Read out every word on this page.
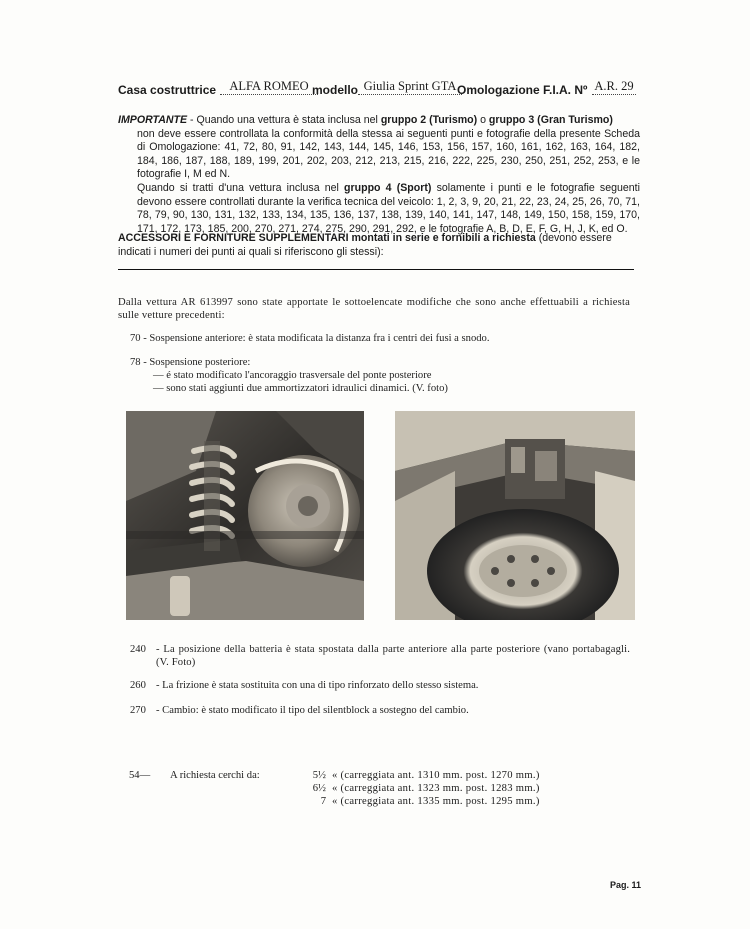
Casa costruttrice	ALFA ROMEO modello Giulia Sprint GTA Omologazione F.I.A. Nº A.R. 29
IMPORTANTE - Quando una vettura è stata inclusa nel gruppo 2 (Turismo) o gruppo 3 (Gran Turismo)
non deve essere controllata la conformità della stessa ai seguenti punti e fotografie della presente Scheda di Omologazione: 41, 72, 80, 91, 142, 143, 144, 145, 146, 153, 156, 157, 160, 161, 162, 163, 164, 182, 184, 186, 187, 188, 189, 199, 201, 202, 203, 212, 213, 215, 216, 222, 225, 230, 250, 251, 252, 253, e le fotografie I, M ed N.
Quando si tratti d'una vettura inclusa nel gruppo 4 (Sport) solamente i punti e le fotografie seguenti devono essere controllati durante la verifica tecnica del veicolo: 1, 2, 3, 9, 20, 21, 22, 23, 24, 25, 26, 70, 71, 78, 79, 90, 130, 131, 132, 133, 134, 135, 136, 137, 138, 139, 140, 141, 147, 148, 149, 150, 158, 159, 170, 171, 172, 173, 185, 200, 270, 271, 274, 275, 290, 291, 292, e le fotografie A, B, D, E, F, G, H, J, K, ed O.
ACCESSORI E FORNITURE SUPPLEMENTARI montati in serie e fornibili a richiesta (devono essere indicati i numeri dei punti ai quali si riferiscono gli stessi):
Dalla vettura AR 613997 sono state apportate le sottoelencate modifiche che sono anche effettuabili a richiesta sulle vetture precedenti:
70 - Sospensione anteriore: è stata modificata la distanza fra i centri dei fusi a snodo.
78 - Sospensione posteriore:
— é stato modificato l'ancoraggio trasversale del ponte posteriore
— sono stati aggiunti due ammortizzatori idraulici dinamici. (V. foto)
240 - La posizione della batteria è stata spostata dalla parte anteriore alla parte posteriore (vano portabagagli. (V. Foto)
260 - La frizione è stata sostituita con una di tipo rinforzato dello stesso sistema.
270 - Cambio: è stato modificato il tipo del silentblock a sostegno del cambio.
54— A richiesta cerchi da:	5½ « (carreggiata ant. 1310 mm. post. 1270 mm.)
6½ « (carreggiata ant. 1323 mm. post. 1283 mm.)
7 « (carreggiata ant. 1335 mm. post. 1295 mm.)
Pag. 11
